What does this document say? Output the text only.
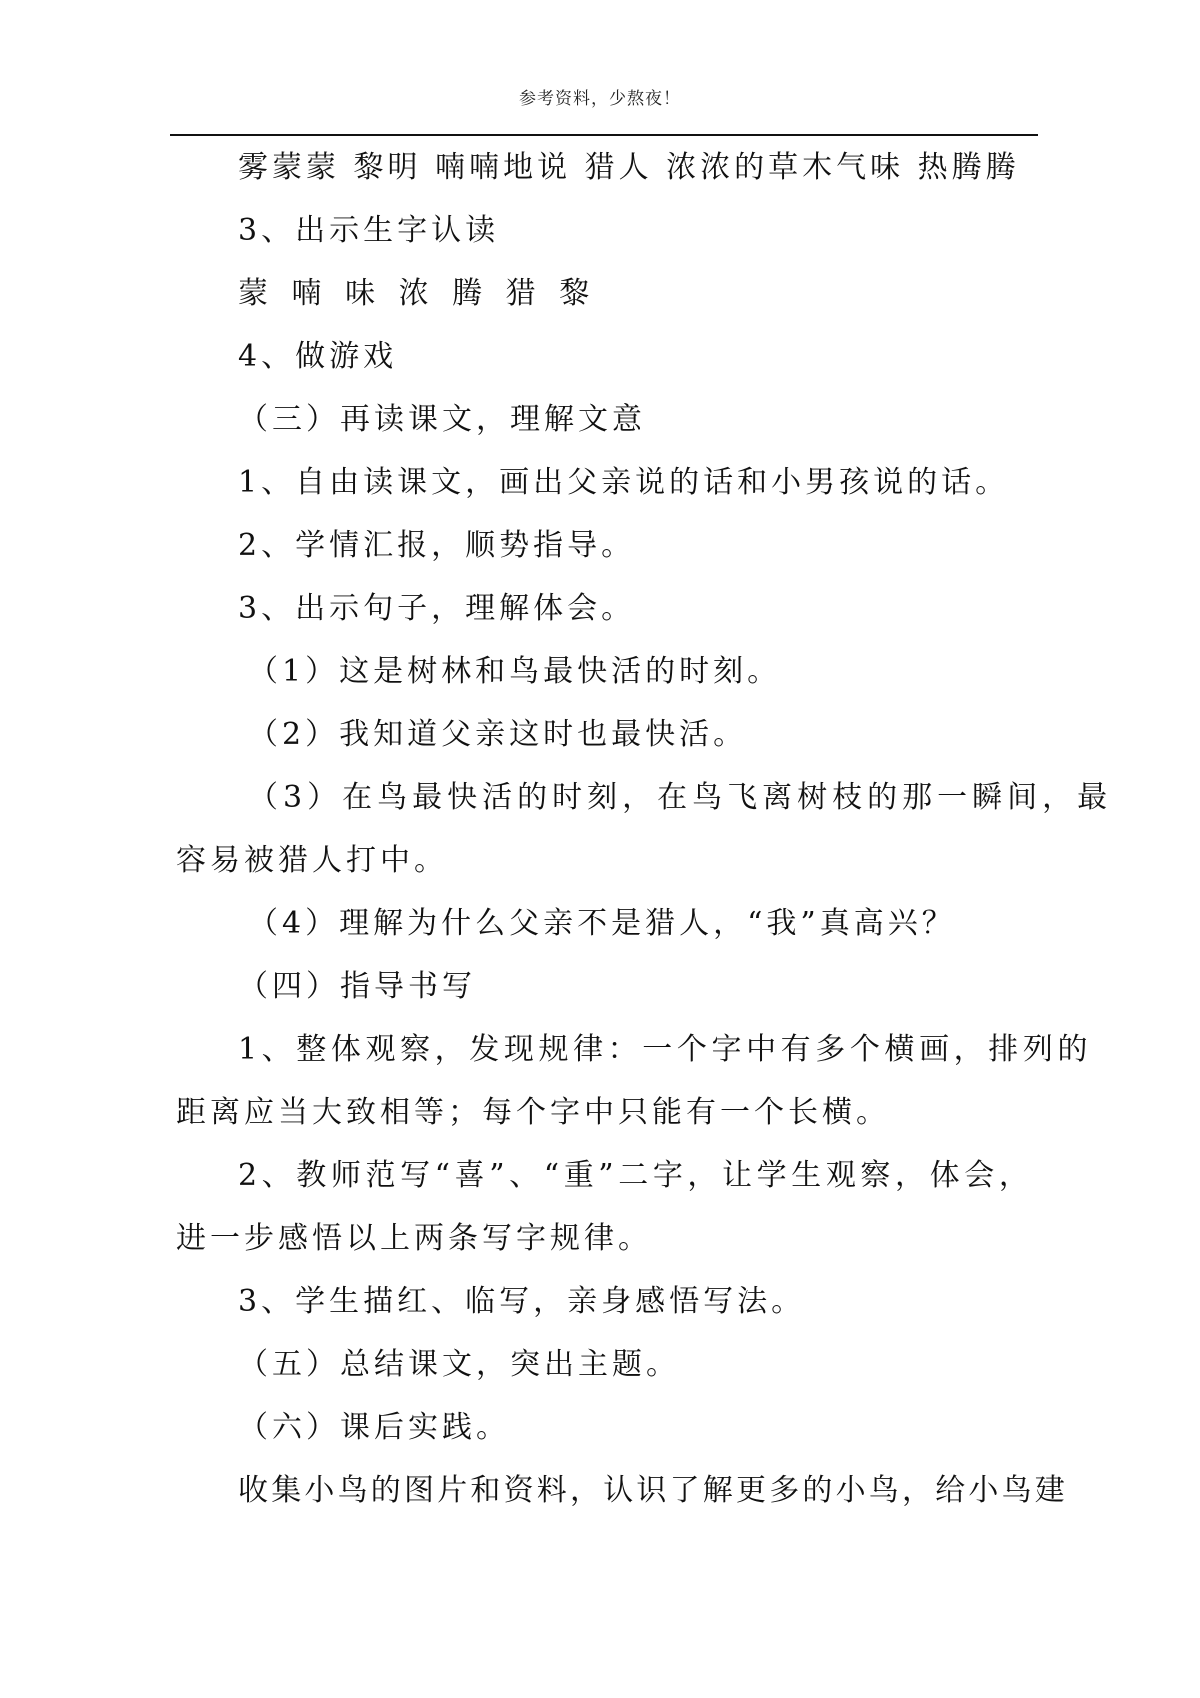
参考资料，少熬夜！
雾蒙蒙 黎明 喃喃地说 猎人 浓浓的草木气味 热腾腾
3、出示生字认读
蒙 喃 味 浓 腾 猎 黎
4、做游戏
（三）再读课文，理解文意
1、自由读课文，画出父亲说的话和小男孩说的话。
2、学情汇报，顺势指导。
3、出示句子，理解体会。
（1）这是树林和鸟最快活的时刻。
（2）我知道父亲这时也最快活。
（3）在鸟最快活的时刻，在鸟飞离树枝的那一瞬间，最
容易被猎人打中。
（4）理解为什么父亲不是猎人，“我”真高兴？
（四）指导书写
1、整体观察，发现规律：一个字中有多个横画，排列的
距离应当大致相等；每个字中只能有一个长横。
2、教师范写“喜”、“重”二字，让学生观察，体会，
进一步感悟以上两条写字规律。
3、学生描红、临写，亲身感悟写法。
（五）总结课文，突出主题。
（六）课后实践。
收集小鸟的图片和资料，认识了解更多的小鸟，给小鸟建
